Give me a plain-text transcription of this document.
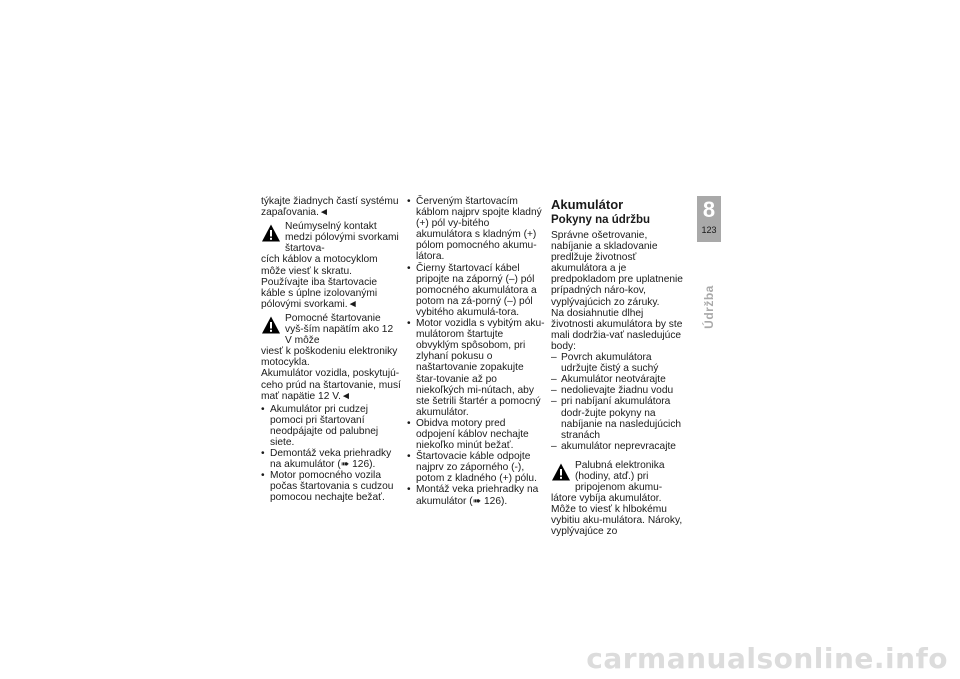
týkajte žiadnych častí systému zapaľovania.◄

Neúmyselný kontakt medzi pólovými svorkami štartova-

cích káblov a motocyklom môže viesť k skratu.

Používajte iba štartovacie káble s úplne izolovanými pólovými svorkami.◄

Pomocné štartovanie vyš-ším napätím ako 12 V môže

viesť k poškodeniu elektroniky motocykla.

Akumulátor vozidla, poskytujú-ceho prúd na štartovanie, musí mať napätie 12 V.◄

• Akumulátor pri cudzej pomoci pri štartovaní neodpájajte od palubnej siete.
• Demontáž veka priehradky na akumulátor (➠ 126).
• Motor pomocného vozila počas štartovania s cudzou pomocou nechajte bežať.
• Červeným štartovacím káblom najprv spojte kladný (+) pól vy-bitého akumulátora s kladným (+) pólom pomocného akumu-látora.
• Čierny štartovací kábel pripojte na záporný (–) pól pomocného akumulátora a potom na zá-porný (–) pól vybitého akumulá-tora.
• Motor vozidla s vybitým aku-mulátorom štartujte obvyklým spôsobom, pri zlyhaní pokusu o naštartovanie zopakujte štar-tovanie až po niekoľkých mi-nútach, aby ste šetrili štartér a pomocný akumulátor.
• Obidva motory pred odpojení káblov nechajte niekoľko minút bežať.
• Štartovacie káble odpojte najprv zo záporného (-), potom z kladného (+) pólu.
• Montáž veka priehradky na akumulátor (➠ 126).
Akumulátor
Pokyny na údržbu

Správne ošetrovanie, nabíjanie a skladovanie predlžuje životnosť akumulátora a je predpokladom pre uplatnenie prípadných náro-kov, vyplývajúcich zo záruky.

Na dosiahnutie dlhej životnosti akumulátora by ste mali dodržia-vať nasledujúce body:

– Povrch akumulátora udržujte čistý a suchý
– Akumulátor neotvárajte
– nedolievajte žiadnu vodu
– pri nabíjaní akumulátora dodr-žujte pokyny na nabíjanie na nasledujúcich stranách
– akumulátor neprevracajte

Palubná elektronika (hodiny, atď.) pri pripojenom akumu-

látore vybíja akumulátor. Môže to viesť k hlbokému vybitiu aku-mulátora. Nároky, vyplývajúce zo

8
123
Údržba
carmanualsonline.info
